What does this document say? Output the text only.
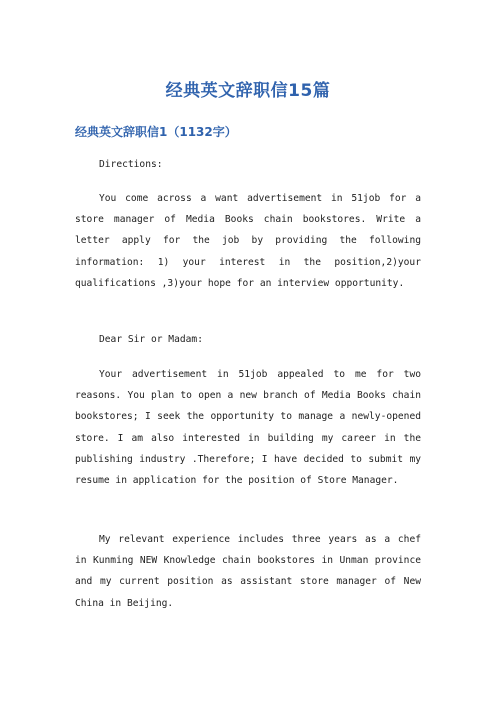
经典英文辞职信15篇
经典英文辞职信1（1132字）

Directions:

You come across a want advertisement in 51job for a store manager of Media Books chain bookstores. Write a letter apply for the job by providing the following information: 1) your interest in the position,2)your qualifications ,3)your hope for an interview opportunity.

Dear Sir or Madam:

Your advertisement in 51job appealed to me for two reasons. You plan to open a new branch of Media Books chain bookstores; I seek the opportunity to manage a newly-opened store. I am also interested in building my career in the publishing industry .Therefore; I have decided to submit my resume in application for the position of Store Manager.

My relevant experience includes three years as a chef in Kunming NEW Knowledge chain bookstores in Unman province and my current position as assistant store manager of New China in Beijing.
